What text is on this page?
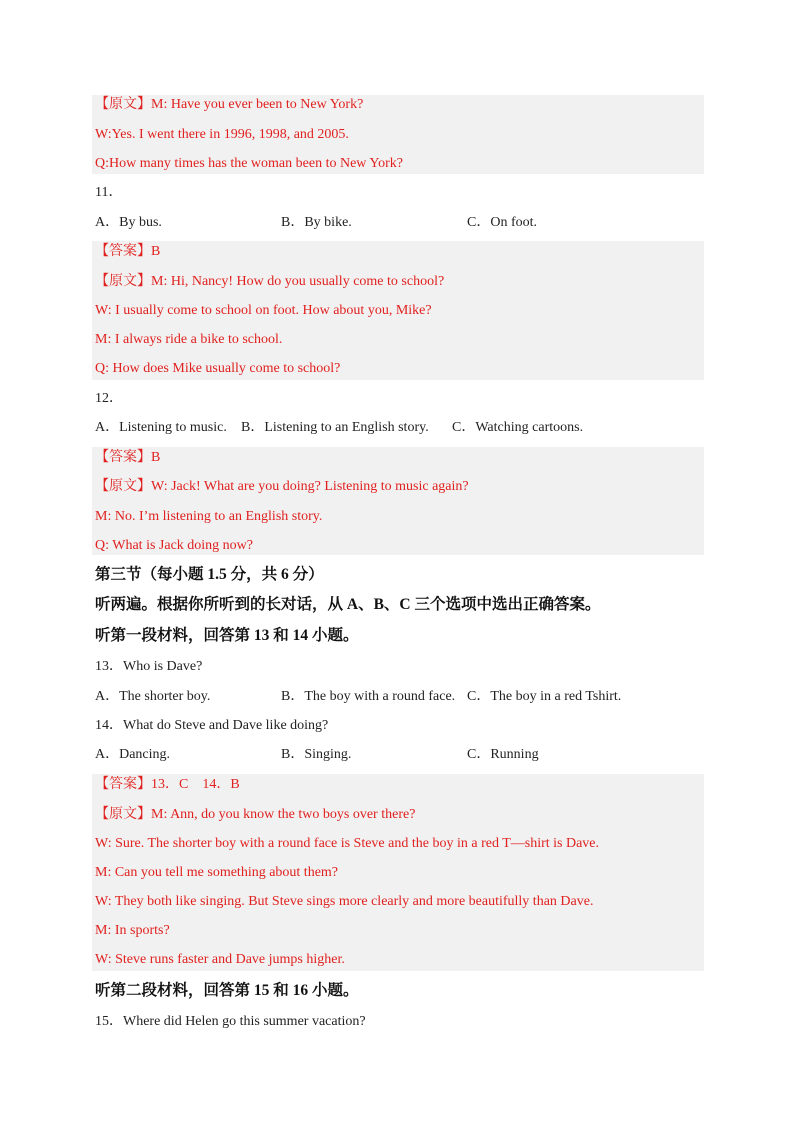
【原文】M: Have you ever been to New York?
W:Yes. I went there in 1996, 1998, and 2005.
Q:How many times has the woman been to New York?
11．
A．By bus.	B．By bike.	C．On foot.
【答案】B
【原文】M: Hi, Nancy! How do you usually come to school?
W: I usually come to school on foot. How about you, Mike?
M: I always ride a bike to school.
Q: How does Mike usually come to school?
12．
A．Listening to music. B．Listening to an English story. C．Watching cartoons.
【答案】B
【原文】W: Jack! What are you doing? Listening to music again?
M: No. I’m listening to an English story.
Q: What is Jack doing now?
第三节（每小题 1.5 分，共 6 分）
听两遍。根据你所听到的长对话，从 A、B、C 三个选项中选出正确答案。
听第一段材料，回答第 13 和 14 小题。
13．Who is Dave?
A．The shorter boy.	B．The boy with a round face. C．The boy in a red Tshirt.
14．What do Steve and Dave like doing?
A．Dancing.	B．Singing.	C．Running
【答案】13．C    14．B
【原文】M: Ann, do you know the two boys over there?
W: Sure. The shorter boy with a round face is Steve and the boy in a red T—shirt is Dave.
M: Can you tell me something about them?
W: They both like singing. But Steve sings more clearly and more beautifully than Dave.
M: In sports?
W: Steve runs faster and Dave jumps higher.
听第二段材料，回答第 15 和 16 小题。
15．Where did Helen go this summer vacation?
